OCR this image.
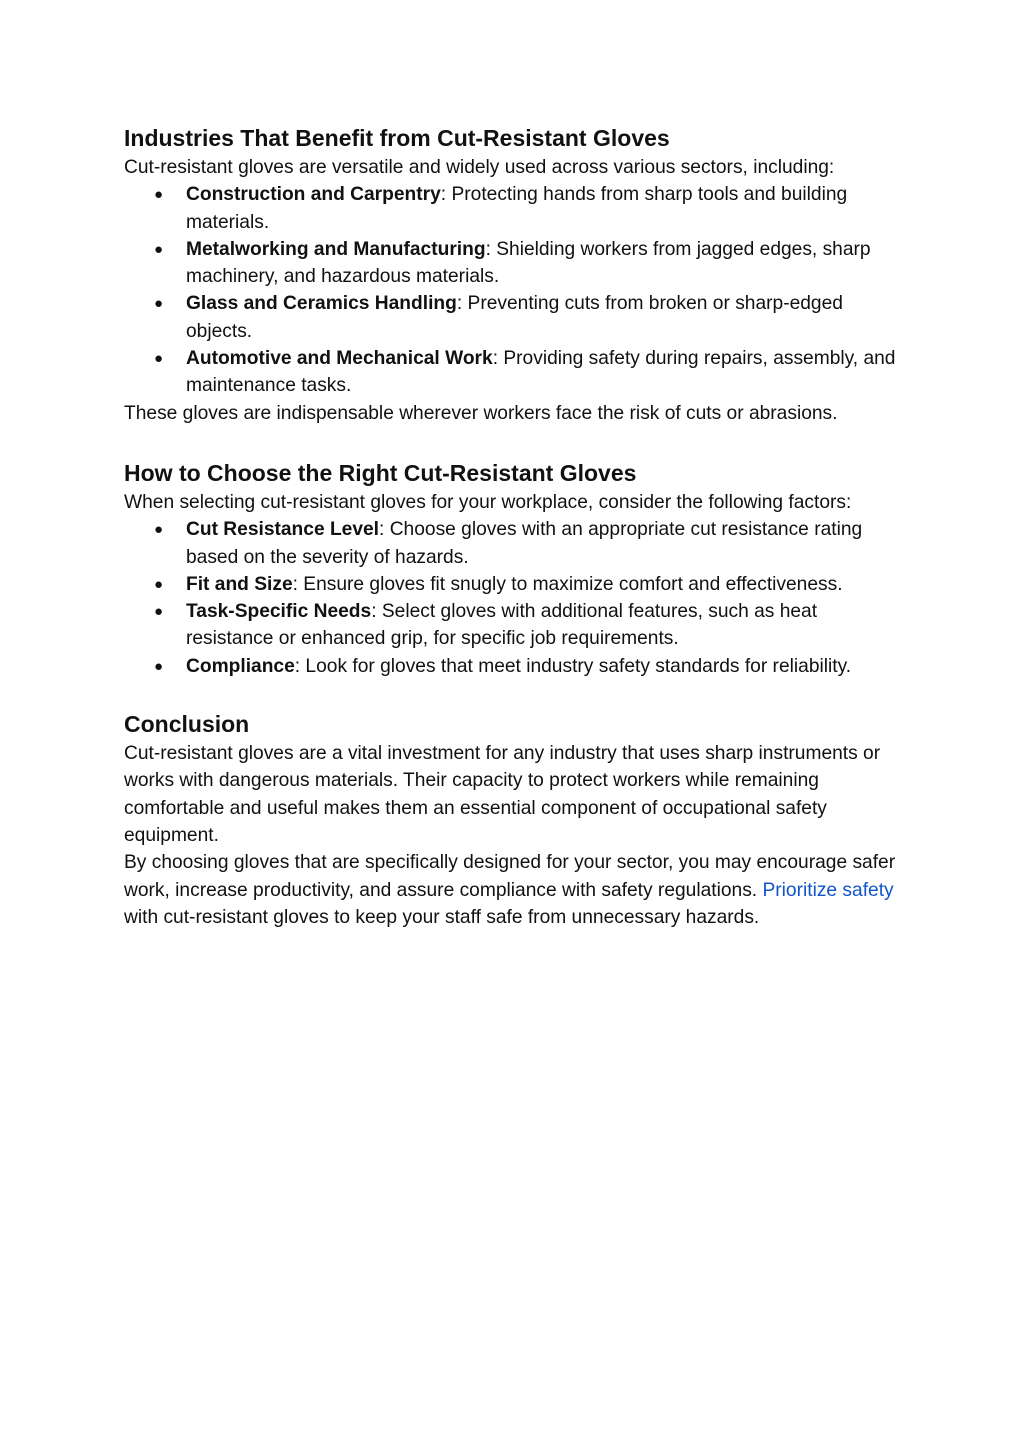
Industries That Benefit from Cut-Resistant Gloves

Cut-resistant gloves are versatile and widely used across various sectors, including:

● Construction and Carpentry: Protecting hands from sharp tools and building materials.
● Metalworking and Manufacturing: Shielding workers from jagged edges, sharp machinery, and hazardous materials.
● Glass and Ceramics Handling: Preventing cuts from broken or sharp-edged objects.
● Automotive and Mechanical Work: Providing safety during repairs, assembly, and maintenance tasks.

These gloves are indispensable wherever workers face the risk of cuts or abrasions.

How to Choose the Right Cut-Resistant Gloves

When selecting cut-resistant gloves for your workplace, consider the following factors:

● Cut Resistance Level: Choose gloves with an appropriate cut resistance rating based on the severity of hazards.
● Fit and Size: Ensure gloves fit snugly to maximize comfort and effectiveness.
● Task-Specific Needs: Select gloves with additional features, such as heat resistance or enhanced grip, for specific job requirements.
● Compliance: Look for gloves that meet industry safety standards for reliability.
Conclusion

Cut-resistant gloves are a vital investment for any industry that uses sharp instruments or works with dangerous materials. Their capacity to protect workers while remaining comfortable and useful makes them an essential component of occupational safety equipment.

By choosing gloves that are specifically designed for your sector, you may encourage safer work, increase productivity, and assure compliance with safety regulations. Prioritize safety with cut-resistant gloves to keep your staff safe from unnecessary hazards.
